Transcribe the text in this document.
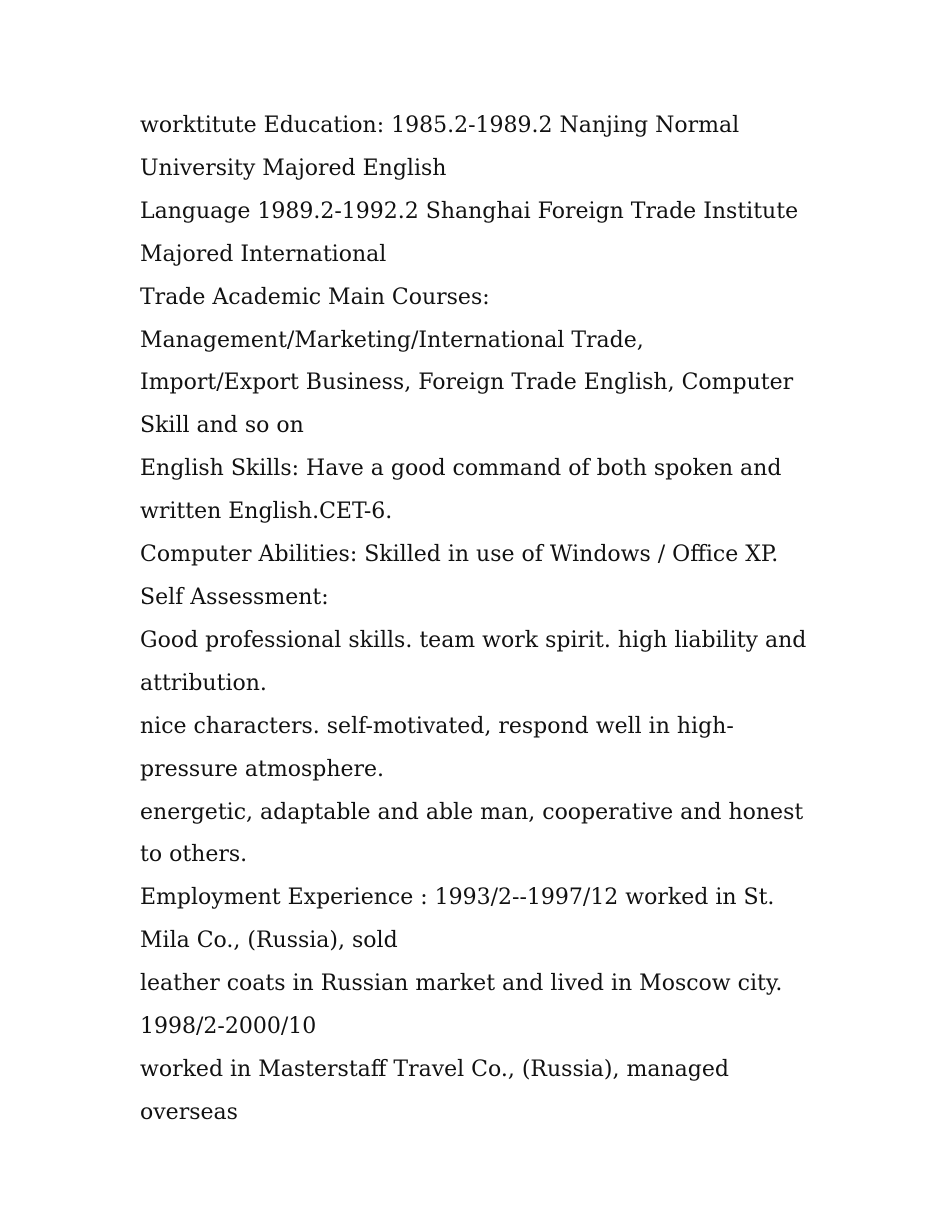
worktitute Education: 1985.2-1989.2 Nanjing Normal University Majored English

Language 1989.2-1992.2 Shanghai Foreign Trade Institute Majored International

Trade Academic Main Courses:

Management/Marketing/International Trade,

Import/Export Business, Foreign Trade English, Computer Skill and so on

English Skills: Have a good command of both spoken and written English.CET-6.

Computer Abilities: Skilled in use of Windows / Office XP. Self Assessment:

Good professional skills. team work spirit. high liability and attribution.

nice characters. self-motivated, respond well in high-pressure atmosphere.

energetic, adaptable and able man, cooperative and honest to others.

Employment Experience : 1993/2--1997/12 worked in St. Mila Co., (Russia), sold

leather coats in Russian market and lived in Moscow city. 1998/2-2000/10

worked in Masterstaff Travel Co., (Russia), managed overseas
